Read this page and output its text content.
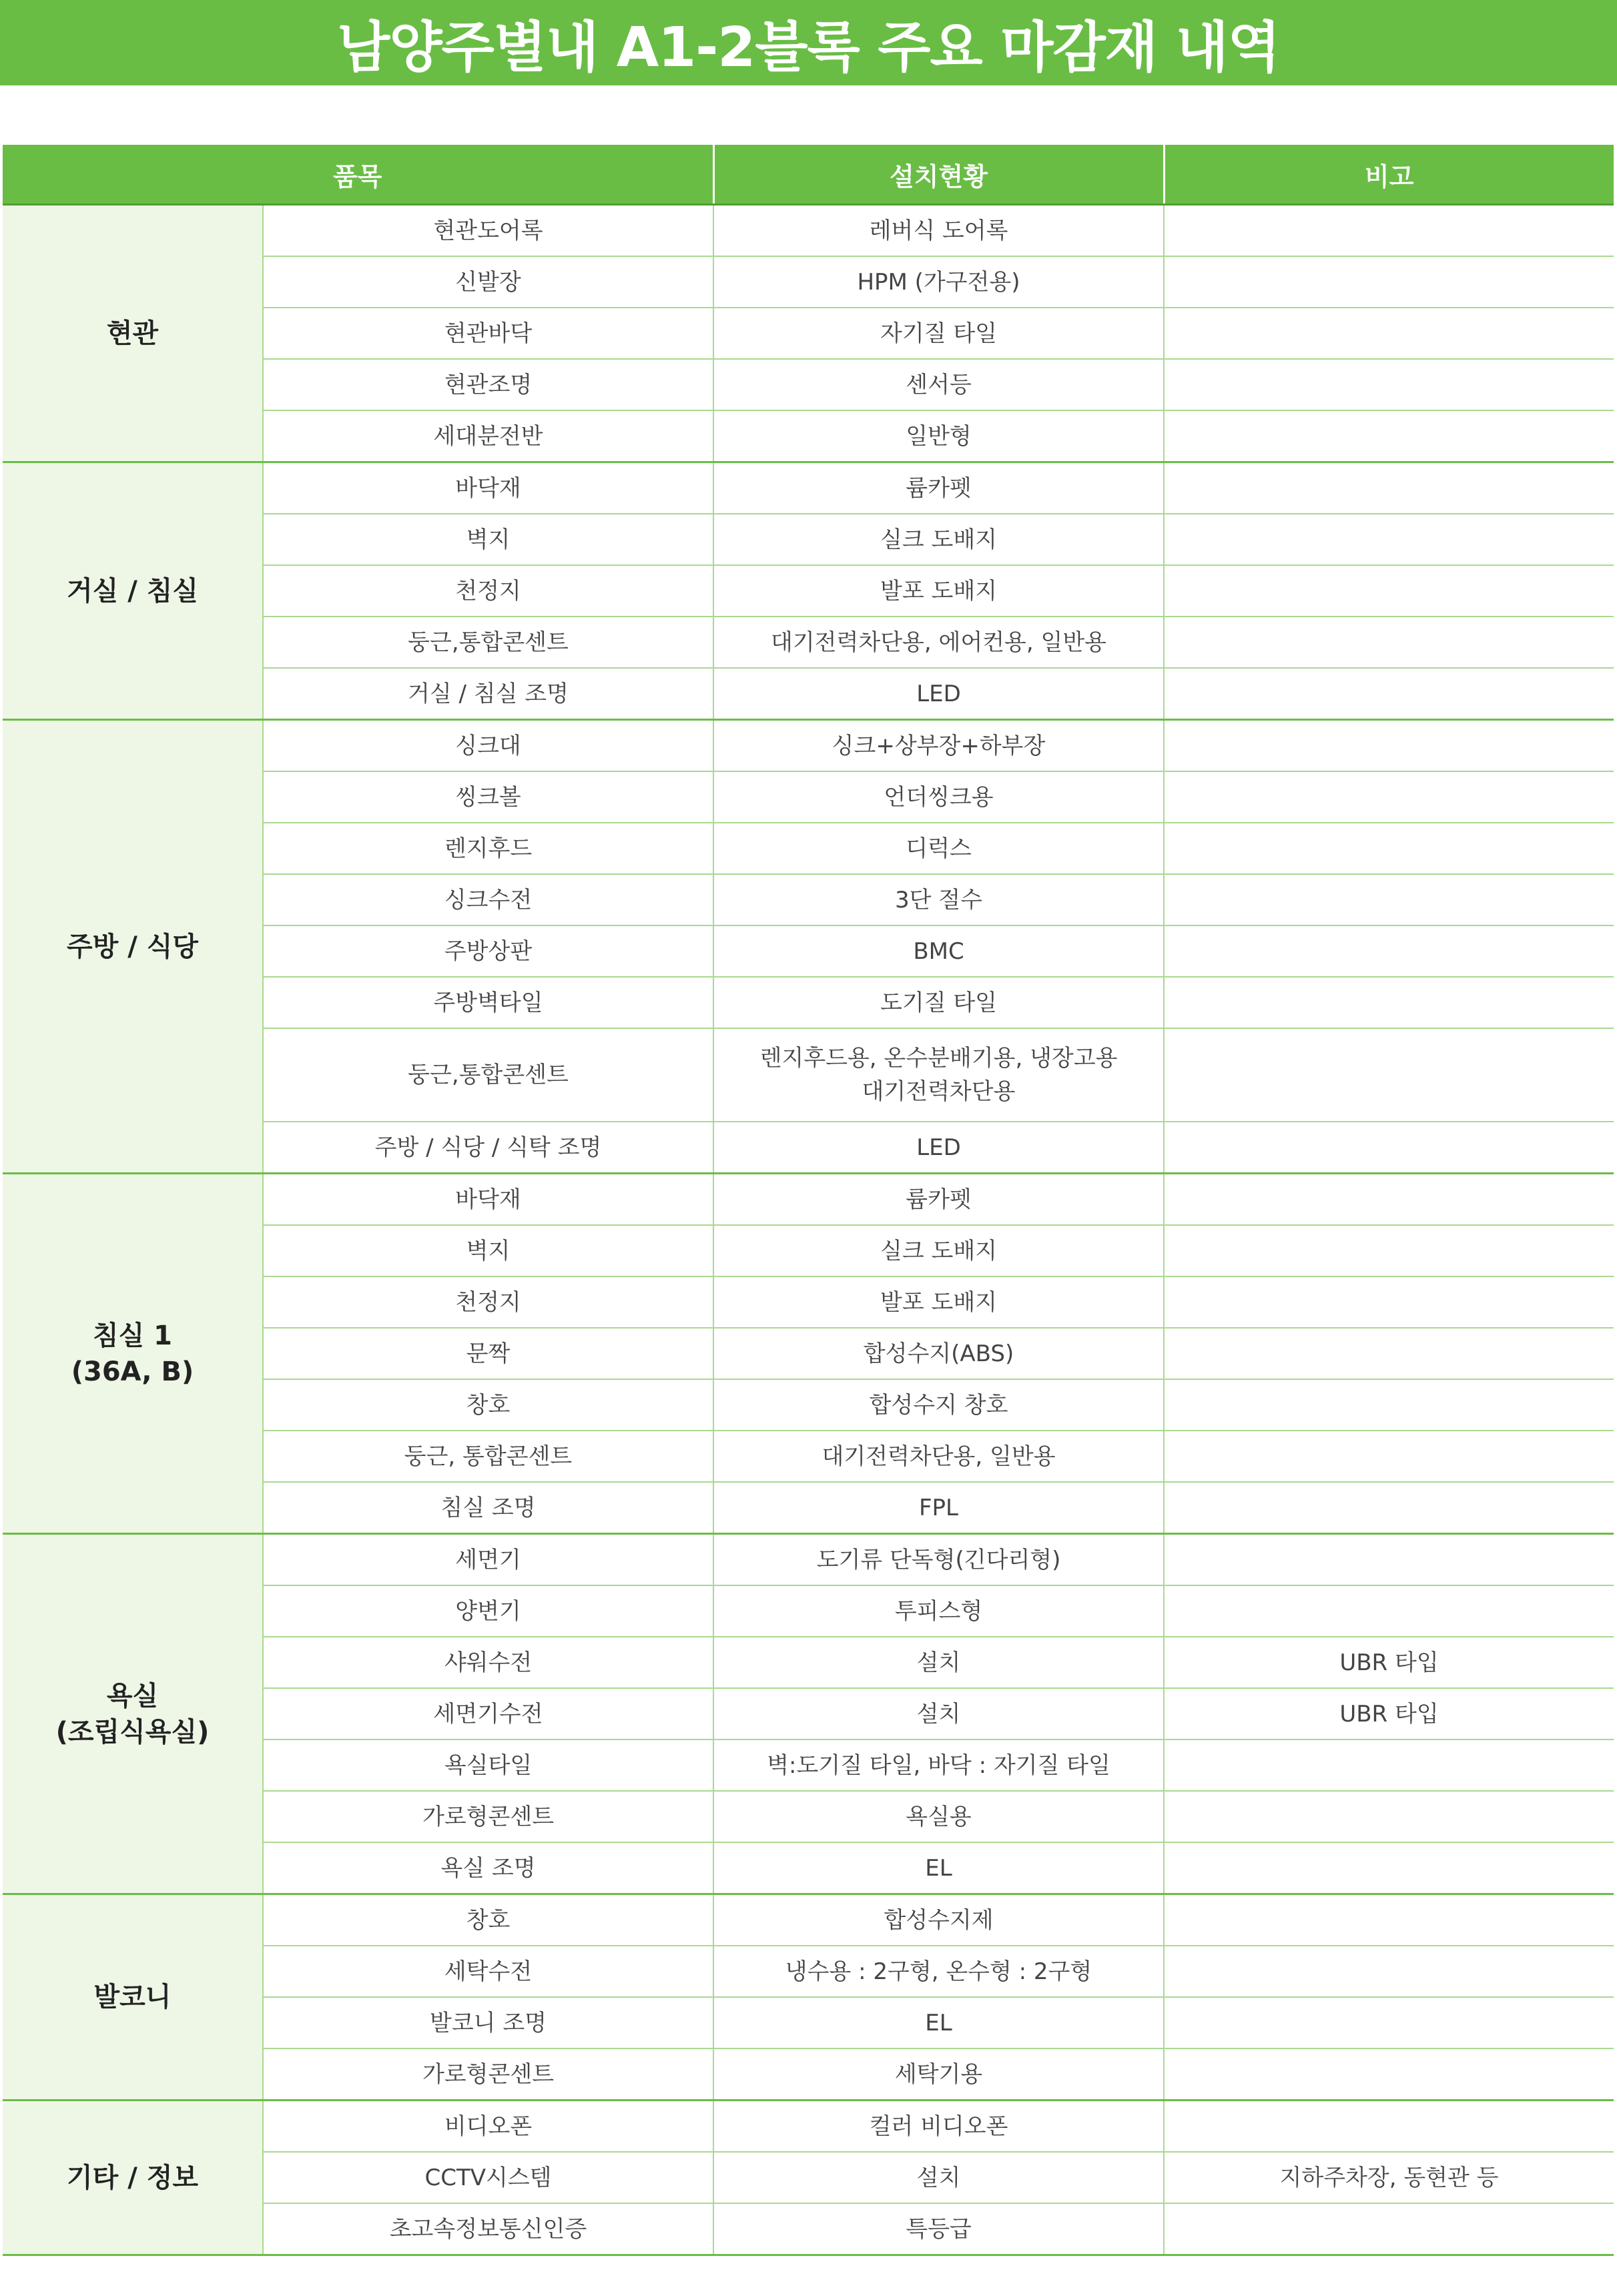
남양주별내 A1-2블록 주요 마감재 내역
품목		설치현황	비고
현관	현관도어록	레버식 도어록	
	신발장	HPM (가구전용)	
	현관바닥	자기질 타일	
	현관조명	센서등	
	세대분전반	일반형	
거실 / 침실	바닥재	륨카펫	
	벽지	실크 도배지	
	천정지	발포 도배지	
	둥근,통합콘센트	대기전력차단용, 에어컨용, 일반용	
	거실 / 침실 조명	LED	
주방 / 식당	싱크대	싱크+상부장+하부장	
	씽크볼	언더씽크용	
	렌지후드	디럭스	
	싱크수전	3단 절수	
	주방상판	BMC	
	주방벽타일	도기질 타일	
	둥근,통합콘센트	렌지후드용, 온수분배기용, 냉장고용
대기전력차단용	
	주방 / 식당 / 식탁 조명	LED	
침실 1
(36A, B)	바닥재	륨카펫	
	벽지	실크 도배지	
	천정지	발포 도배지	
	문짝	합성수지(ABS)	
	창호	합성수지 창호	
	둥근, 통합콘센트	대기전력차단용, 일반용	
	침실 조명	FPL	
욕실
(조립식욕실)	세면기	도기류 단독형(긴다리형)	
	양변기	투피스형	
	샤워수전	설치	UBR 타입
	세면기수전	설치	UBR 타입
	욕실타일	벽:도기질 타일, 바닥 : 자기질 타일	
	가로형콘센트	욕실용	
	욕실 조명	EL	
발코니	창호	합성수지제	
	세탁수전	냉수용 : 2구형, 온수형 : 2구형	
	발코니 조명	EL	
	가로형콘센트	세탁기용	
기타 / 정보	비디오폰	컬러 비디오폰	
	CCTV시스템	설치	지하주차장, 동현관 등
	초고속정보통신인증	특등급	
